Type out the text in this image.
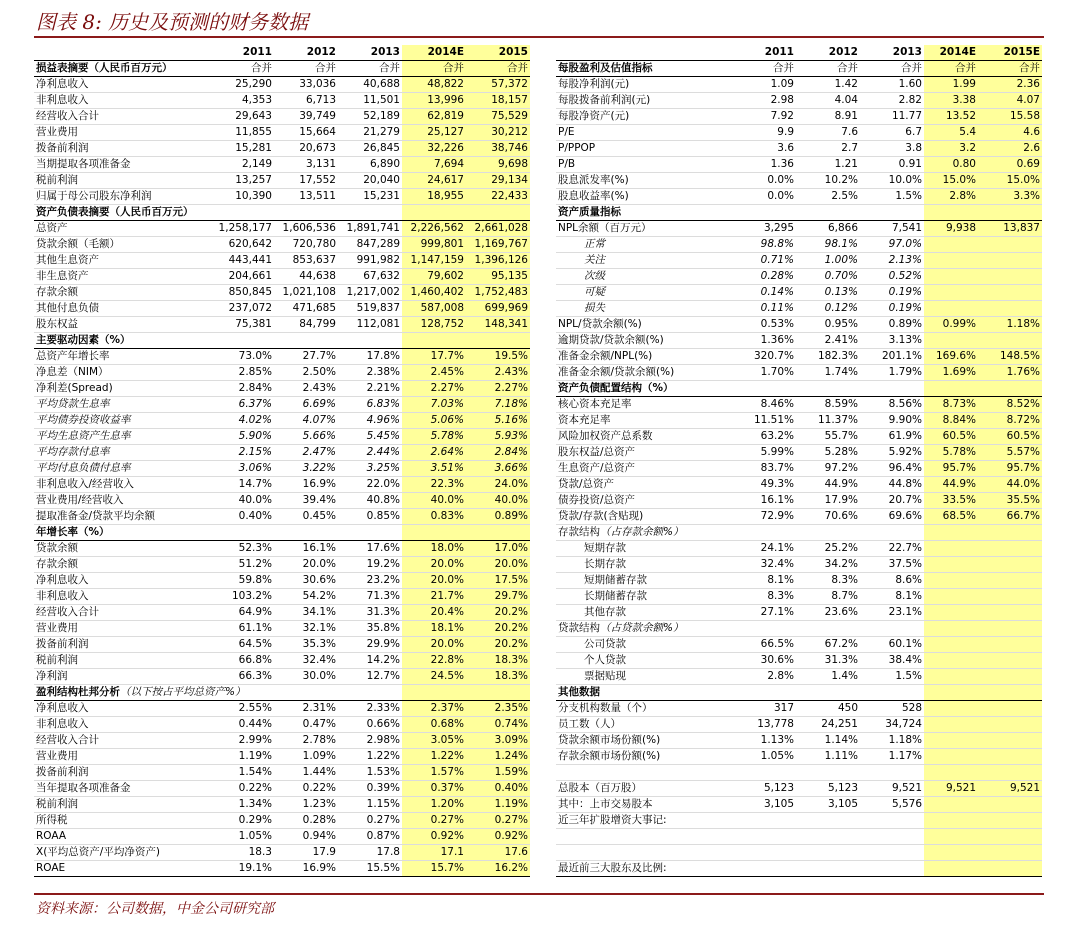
图表 8: 历史及预测的财务数据
	2011	2012	2013	2014E	2015
损益表摘要（人民币百万元）	合并	合并	合并	合并	合并
净利息收入	25,290	33,036	40,688	48,822	57,372
非利息收入	4,353	6,713	11,501	13,996	18,157
经营收入合计	29,643	39,749	52,189	62,819	75,529
营业费用	11,855	15,664	21,279	25,127	30,212
拨备前利润	15,281	20,673	26,845	32,226	38,746
当期提取各项准备金	2,149	3,131	6,890	7,694	9,698
税前利润	13,257	17,552	20,040	24,617	29,134
归属于母公司股东净利润	10,390	13,511	15,231	18,955	22,433
资产负债表摘要（人民币百万元）					
总资产	1,258,177	1,606,536	1,891,741	2,226,562	2,661,028
贷款余额（毛额）	620,642	720,780	847,289	999,801	1,169,767
其他生息资产	443,441	853,637	991,982	1,147,159	1,396,126
非生息资产	204,661	44,638	67,632	79,602	95,135
存款余额	850,845	1,021,108	1,217,002	1,460,402	1,752,483
其他付息负债	237,072	471,685	519,837	587,008	699,969
股东权益	75,381	84,799	112,081	128,752	148,341
主要驱动因素（%）					
总资产年增长率	73.0%	27.7%	17.8%	17.7%	19.5%
净息差（NIM）	2.85%	2.50%	2.38%	2.45%	2.43%
净利差(Spread)	2.84%	2.43%	2.21%	2.27%	2.27%
平均贷款生息率	6.37%	6.69%	6.83%	7.03%	7.18%
平均债券投资收益率	4.02%	4.07%	4.96%	5.06%	5.16%
平均生息资产生息率	5.90%	5.66%	5.45%	5.78%	5.93%
平均存款付息率	2.15%	2.47%	2.44%	2.64%	2.84%
平均付息负债付息率	3.06%	3.22%	3.25%	3.51%	3.66%
非利息收入/经营收入	14.7%	16.9%	22.0%	22.3%	24.0%
营业费用/经营收入	40.0%	39.4%	40.8%	40.0%	40.0%
提取准备金/贷款平均余额	0.40%	0.45%	0.85%	0.83%	0.89%
年增长率（%）					
贷款余额	52.3%	16.1%	17.6%	18.0%	17.0%
存款余额	51.2%	20.0%	19.2%	20.0%	20.0%
净利息收入	59.8%	30.6%	23.2%	20.0%	17.5%
非利息收入	103.2%	54.2%	71.3%	21.7%	29.7%
经营收入合计	64.9%	34.1%	31.3%	20.4%	20.2%
营业费用	61.1%	32.1%	35.8%	18.1%	20.2%
拨备前利润	64.5%	35.3%	29.9%	20.0%	20.2%
税前利润	66.8%	32.4%	14.2%	22.8%	18.3%
净利润	66.3%	30.0%	12.7%	24.5%	18.3%
盈利结构杜邦分析（以下按占平均总资产%）					
净利息收入	2.55%	2.31%	2.33%	2.37%	2.35%
非利息收入	0.44%	0.47%	0.66%	0.68%	0.74%
经营收入合计	2.99%	2.78%	2.98%	3.05%	3.09%
营业费用	1.19%	1.09%	1.22%	1.22%	1.24%
拨备前利润	1.54%	1.44%	1.53%	1.57%	1.59%
当年提取各项准备金	0.22%	0.22%	0.39%	0.37%	0.40%
税前利润	1.34%	1.23%	1.15%	1.20%	1.19%
所得税	0.29%	0.28%	0.27%	0.27%	0.27%
ROAA	1.05%	0.94%	0.87%	0.92%	0.92%
X(平均总资产/平均净资产)	18.3	17.9	17.8	17.1	17.6
ROAE	19.1%	16.9%	15.5%	15.7%	16.2%
	2011	2012	2013	2014E	2015E
每股盈利及估值指标	合并	合并	合并	合并	合并
每股净利润(元)	1.09	1.42	1.60	1.99	2.36
每股拨备前利润(元)	2.98	4.04	2.82	3.38	4.07
每股净资产(元)	7.92	8.91	11.77	13.52	15.58
P/E	9.9	7.6	6.7	5.4	4.6
P/PPOP	3.6	2.7	3.8	3.2	2.6
P/B	1.36	1.21	0.91	0.80	0.69
股息派发率(%)	0.0%	10.2%	10.0%	15.0%	15.0%
股息收益率(%)	0.0%	2.5%	1.5%	2.8%	3.3%
资产质量指标					
NPL余额（百万元）	3,295	6,866	7,541	9,938	13,837
正常	98.8%	98.1%	97.0%		
关注	0.71%	1.00%	2.13%		
次级	0.28%	0.70%	0.52%		
可疑	0.14%	0.13%	0.19%		
损失	0.11%	0.12%	0.19%		
NPL/贷款余额(%)	0.53%	0.95%	0.89%	0.99%	1.18%
逾期贷款/贷款余额(%)	1.36%	2.41%	3.13%		
准备金余额/NPL(%)	320.7%	182.3%	201.1%	169.6%	148.5%
准备金余额/贷款余额(%)	1.70%	1.74%	1.79%	1.69%	1.76%
资产负债配置结构（%）					
核心资本充足率	8.46%	8.59%	8.56%	8.73%	8.52%
资本充足率	11.51%	11.37%	9.90%	8.84%	8.72%
风险加权资产总系数	63.2%	55.7%	61.9%	60.5%	60.5%
股东权益/总资产	5.99%	5.28%	5.92%	5.78%	5.57%
生息资产/总资产	83.7%	97.2%	96.4%	95.7%	95.7%
贷款/总资产	49.3%	44.9%	44.8%	44.9%	44.0%
债券投资/总资产	16.1%	17.9%	20.7%	33.5%	35.5%
贷款/存款(含贴现)	72.9%	70.6%	69.6%	68.5%	66.7%
存款结构（占存款余额%）					
短期存款	24.1%	25.2%	22.7%		
长期存款	32.4%	34.2%	37.5%		
短期储蓄存款	8.1%	8.3%	8.6%		
长期储蓄存款	8.3%	8.7%	8.1%		
其他存款	27.1%	23.6%	23.1%		
贷款结构（占贷款余额%）					
公司贷款	66.5%	67.2%	60.1%		
个人贷款	30.6%	31.3%	38.4%		
票据贴现	2.8%	1.4%	1.5%		
其他数据					
分支机构数量（个）	317	450	528		
员工数（人）	13,778	24,251	34,724		
贷款余额市场份额(%)	1.13%	1.14%	1.18%		
存款余额市场份额(%)	1.05%	1.11%	1.17%		

总股本（百万股）	5,123	5,123	9,521	9,521	9,521
其中：上市交易股本	3,105	3,105	5,576		
近三年扩股增资大事记:					

最近前三大股东及比例:					
资料来源：公司数据，中金公司研究部
